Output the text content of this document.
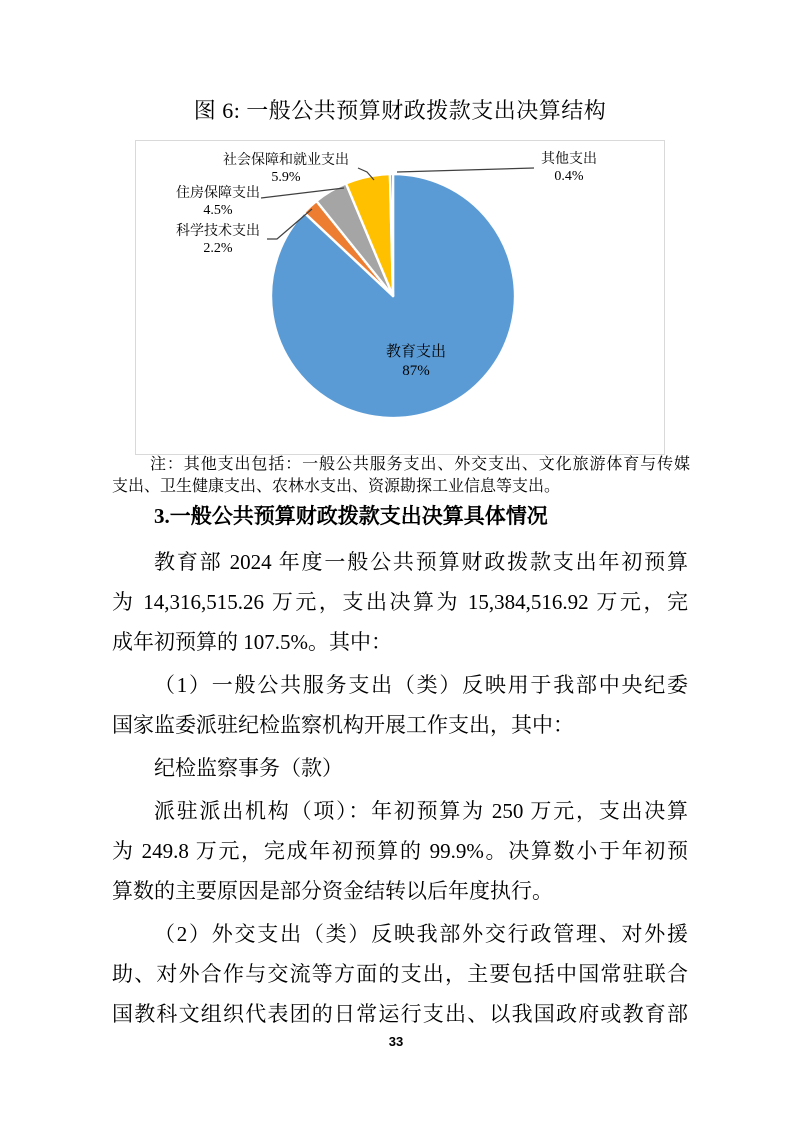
图 6: 一般公共预算财政拨款支出决算结构
社会保障和就业支出
5.9%
住房保障支出
4.5%
科学技术支出
2.2%
其他支出
0.4%
教育支出
87%
注：其他支出包括：一般公共服务支出、外交支出、文化旅游体育与传媒
支出、卫生健康支出、农林水支出、资源勘探工业信息等支出。
3.一般公共预算财政拨款支出决算具体情况

教育部 2024 年度一般公共预算财政拨款支出年初预算
为 14,316,515.26 万元，支出决算为 15,384,516.92 万元，完
成年初预算的 107.5%。其中：

（1）一般公共服务支出（类）反映用于我部中央纪委
国家监委派驻纪检监察机构开展工作支出，其中：

纪检监察事务（款）

派驻派出机构（项）：年初预算为 250 万元，支出决算
为 249.8 万元，完成年初预算的 99.9%。决算数小于年初预
算数的主要原因是部分资金结转以后年度执行。

（2）外交支出（类）反映我部外交行政管理、对外援
助、对外合作与交流等方面的支出，主要包括中国常驻联合
国教科文组织代表团的日常运行支出、以我国政府或教育部

33
